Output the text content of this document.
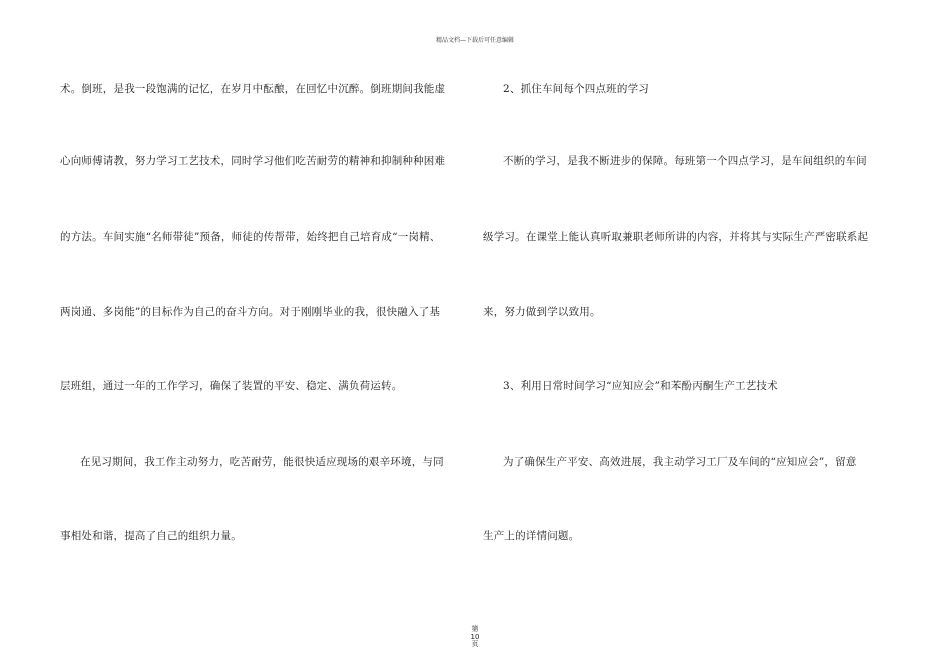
精品文档—下载后可任意编辑
术。倒班，是我一段饱满的记忆，在岁月中酝酿，在回忆中沉醉。倒班期间我能虚
心向师傅请教，努力学习工艺技术，同时学习他们吃苦耐劳的精神和抑制种种困难
的方法。车间实施“名师带徒”预备，师徒的传帮带，始终把自己培育成“一岗精、
两岗通、多岗能”的目标作为自己的奋斗方向。对于刚刚毕业的我，很快融入了基
层班组，通过一年的工作学习，确保了装置的平安、稳定、满负荷运转。
在见习期间，我工作主动努力，吃苦耐劳，能很快适应现场的艰辛环境，与同
事相处和谐，提高了自己的组织力量。
2、抓住车间每个四点班的学习
不断的学习，是我不断进步的保障。每班第一个四点学习，是车间组织的车间
级学习。在课堂上能认真听取兼职老师所讲的内容，并将其与实际生产严密联系起
来，努力做到学以致用。
3、利用日常时间学习“应知应会”和苯酚丙酮生产工艺技术
为了确保生产平安、高效进展，我主动学习工厂及车间的“应知应会”，留意
生产上的详情问题。
第
10
页
